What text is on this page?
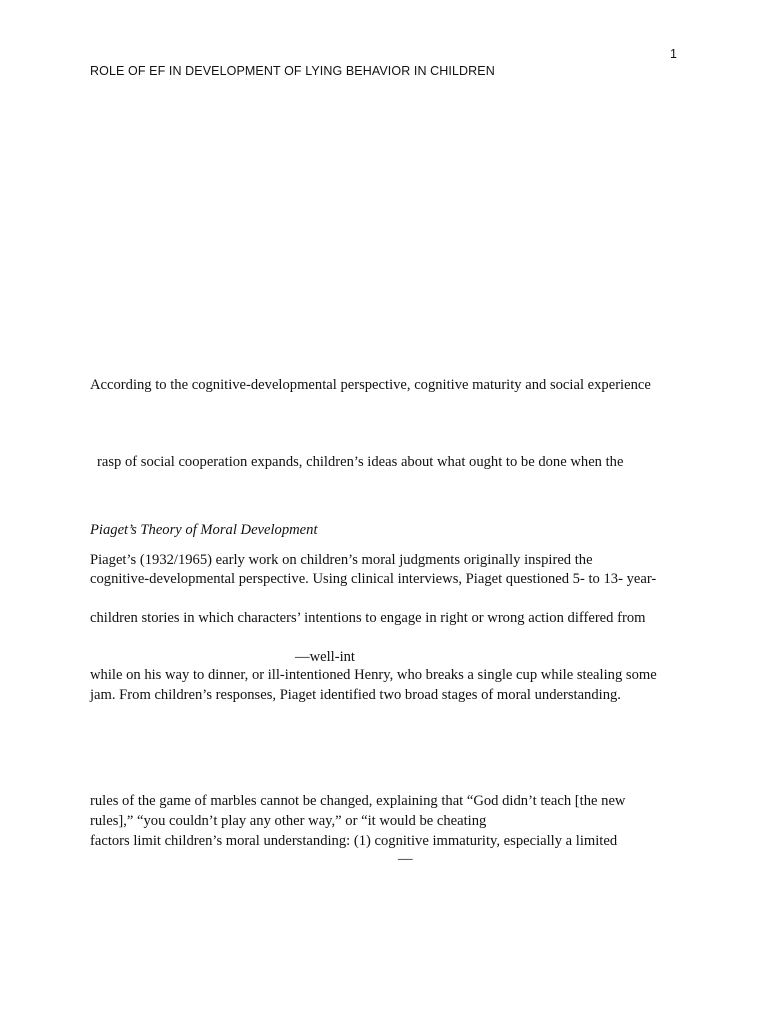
1
ROLE OF EF IN DEVELOPMENT OF LYING BEHAVIOR IN CHILDREN
According to the cognitive-developmental perspective, cognitive maturity and social experience
rasp of social cooperation expands, children’s ideas about what ought to be done when the
Piaget’s Theory of Moral Development
Piaget’s (1932/1965) early work on children’s moral judgments originally inspired the
cognitive-developmental perspective. Using clinical interviews, Piaget questioned 5- to 13- year-
children stories in which characters’ intentions to engage in right or wrong action differed from
—well-int
while on his way to dinner, or ill-intentioned Henry, who breaks a single cup while stealing some
jam. From children’s responses, Piaget identified two broad stages of moral understanding.
rules of the game of marbles cannot be changed, explaining that “God didn’t teach [the new
rules],” “you couldn’t play any other way,” or “it would be cheating
factors limit children’s moral understanding: (1) cognitive immaturity, especially a limited
—
